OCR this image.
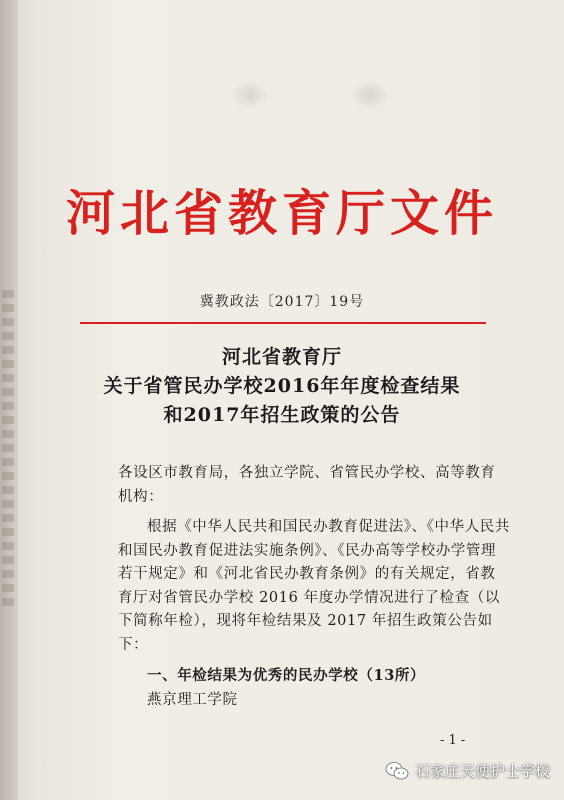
河北省教育厅文件
冀教政法〔2017〕19号
河北省教育厅
关于省管民办学校2016年年度检查结果
和2017年招生政策的公告
各设区市教育局，各独立学院、省管民办学校、高等教育
机构：
根据《中华人民共和国民办教育促进法》、《中华人民共和国民办教育促进法实施条例》、《民办高等学校办学管理若干规定》和《河北省民办教育条例》的有关规定，省教育厅对省管民办学校 2016 年度办学情况进行了检查（以下简称年检），现将年检结果及 2017 年招生政策公告如下：
一、年检结果为优秀的民办学校（13所）
燕京理工学院
- 1 -
石家庄天使护士学校
